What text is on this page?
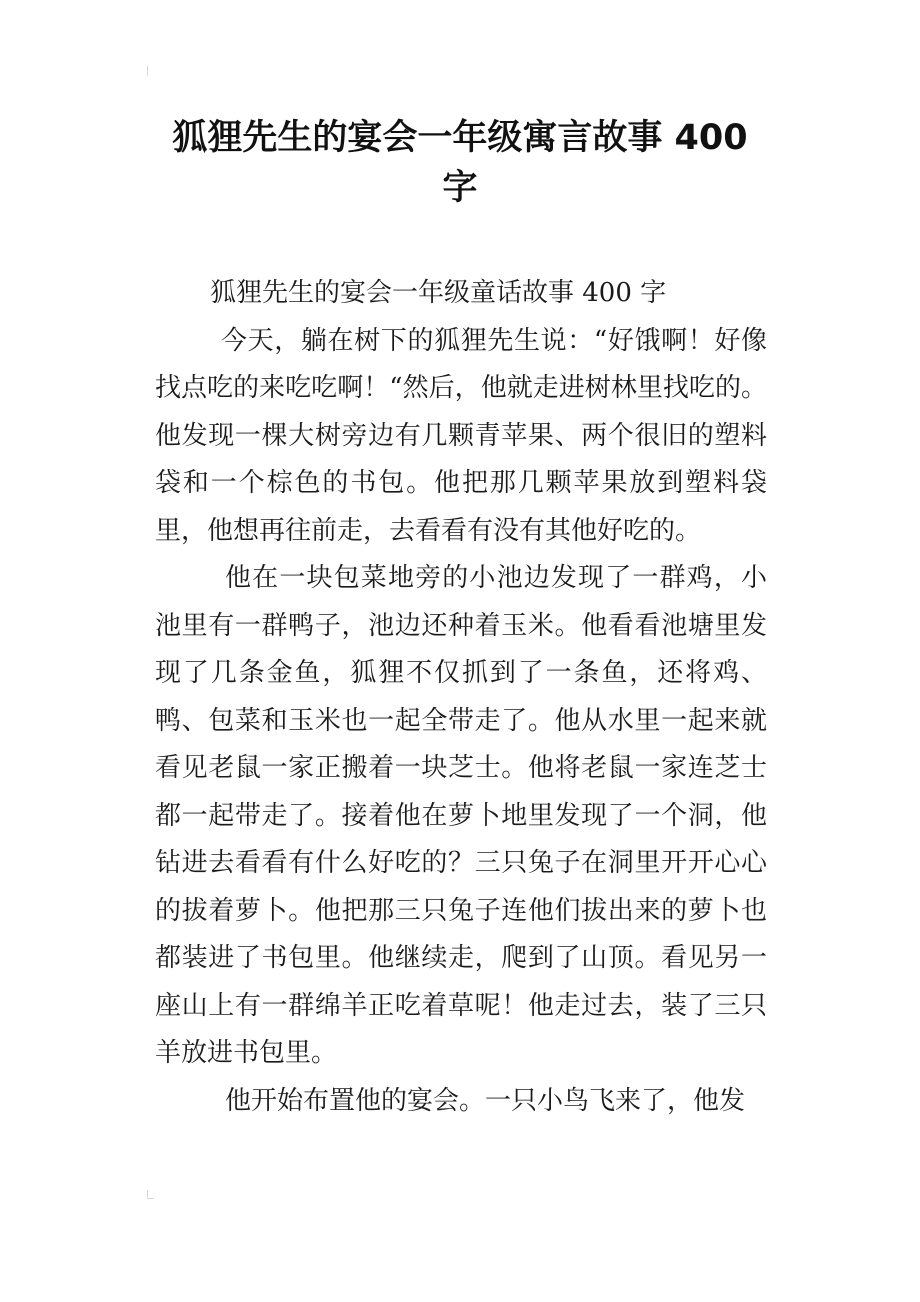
狐狸先生的宴会一年级寓言故事 400
字
狐狸先生的宴会一年级童话故事 400 字

今天，躺在树下的狐狸先生说：“好饿啊！好像找点吃的来吃吃啊！“然后，他就走进树林里找吃的。他发现一棵大树旁边有几颗青苹果、两个很旧的塑料袋和一个棕色的书包。他把那几颗苹果放到塑料袋里，他想再往前走，去看看有没有其他好吃的。

他在一块包菜地旁的小池边发现了一群鸡，小池里有一群鸭子，池边还种着玉米。他看看池塘里发现了几条金鱼，狐狸不仅抓到了一条鱼，还将鸡、鸭、包菜和玉米也一起全带走了。他从水里一起来就看见老鼠一家正搬着一块芝士。他将老鼠一家连芝士都一起带走了。接着他在萝卜地里发现了一个洞，他钻进去看看有什么好吃的？三只兔子在洞里开开心心的拔着萝卜。他把那三只兔子连他们拔出来的萝卜也都装进了书包里。他继续走，爬到了山顶。看见另一座山上有一群绵羊正吃着草呢！他走过去，装了三只羊放进书包里。

他开始布置他的宴会。一只小鸟飞来了，他发
